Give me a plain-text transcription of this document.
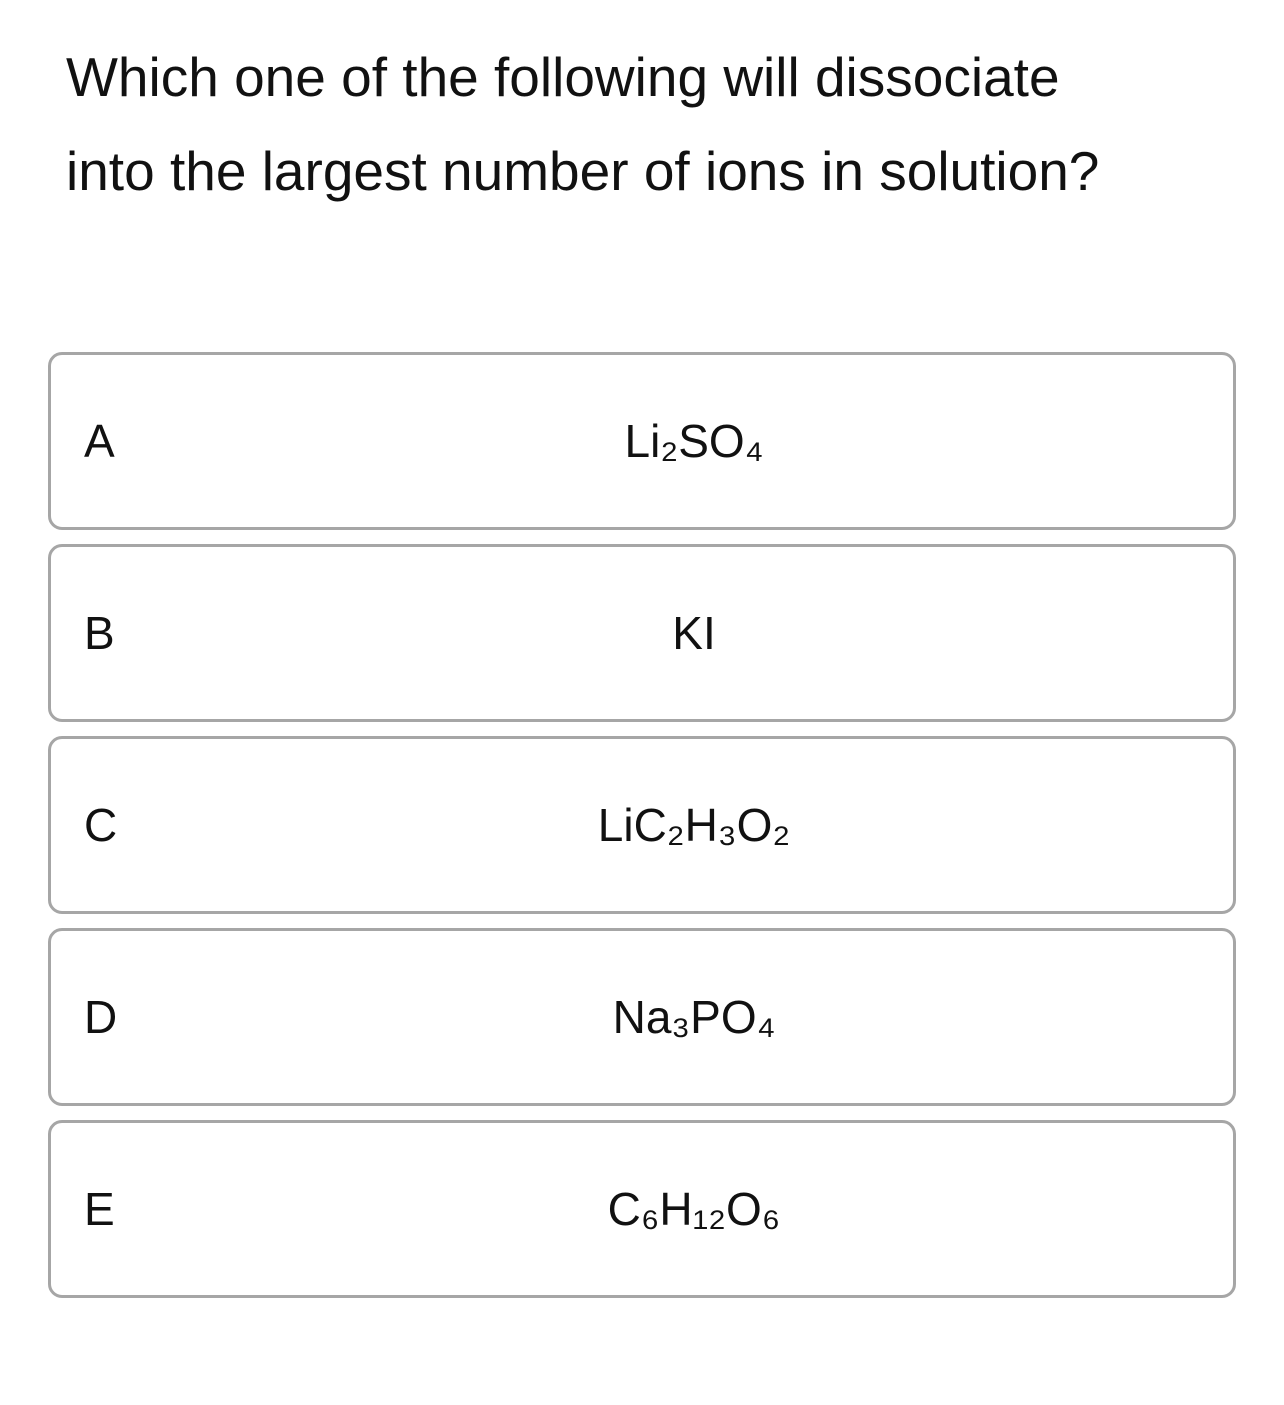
Which one of the following will dissociate
into the largest number of ions in solution?
A	Li₂SO₄
B	KI
C	LiC₂H₃O₂
D	Na₃PO₄
E	C₆H₁₂O₆
